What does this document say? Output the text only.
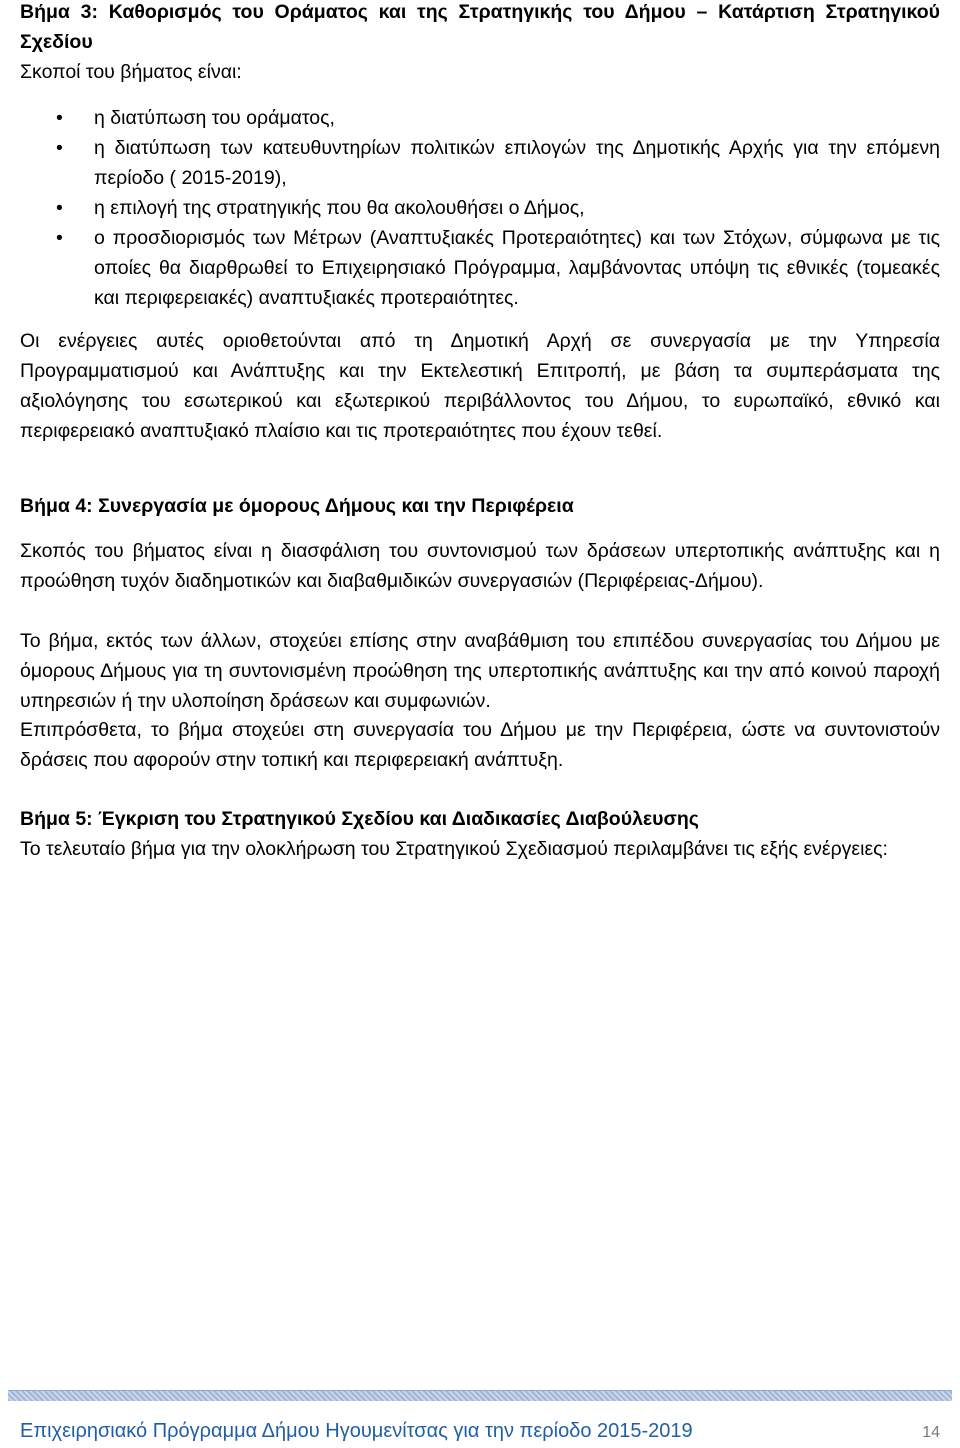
Βήμα 3: Καθορισμός του Οράματος και της Στρατηγικής του Δήμου – Κατάρτιση Στρατηγικού Σχεδίου

Σκοποί του βήματος είναι:

• η διατύπωση του οράματος,
• η διατύπωση των κατευθυντηρίων πολιτικών επιλογών της Δημοτικής Αρχής για την επόμενη περίοδο ( 2015-2019),
• η επιλογή της στρατηγικής που θα ακολουθήσει ο Δήμος,
• ο προσδιορισμός των Μέτρων (Αναπτυξιακές Προτεραιότητες) και των Στόχων, σύμφωνα με τις οποίες θα διαρθρωθεί το Επιχειρησιακό Πρόγραμμα, λαμβάνοντας υπόψη τις εθνικές (τομεακές και περιφερειακές) αναπτυξιακές προτεραιότητες.

Οι ενέργειες αυτές οριοθετούνται από τη Δημοτική Αρχή σε συνεργασία με την Υπηρεσία Προγραμματισμού και Ανάπτυξης και την Εκτελεστική Επιτροπή, με βάση τα συμπεράσματα της αξιολόγησης του εσωτερικού και εξωτερικού περιβάλλοντος του Δήμου, το ευρωπαϊκό, εθνικό και περιφερειακό αναπτυξιακό πλαίσιο και τις προτεραιότητες που έχουν τεθεί.

Βήμα 4: Συνεργασία με όμορους Δήμους και την Περιφέρεια

Σκοπός του βήματος είναι η διασφάλιση του συντονισμού των δράσεων υπερτοπικής ανάπτυξης και η προώθηση τυχόν διαδημοτικών και διαβαθμιδικών συνεργασιών (Περιφέρειας-Δήμου).

Το βήμα, εκτός των άλλων, στοχεύει επίσης στην αναβάθμιση του επιπέδου συνεργασίας του Δήμου με όμορους Δήμους για τη συντονισμένη προώθηση της υπερτοπικής ανάπτυξης και την από κοινού παροχή υπηρεσιών ή την υλοποίηση δράσεων και συμφωνιών.

Επιπρόσθετα, το βήμα στοχεύει στη συνεργασία του Δήμου με την Περιφέρεια, ώστε να συντονιστούν δράσεις που αφορούν στην τοπική και περιφερειακή ανάπτυξη.

Βήμα 5: Έγκριση του Στρατηγικού Σχεδίου και Διαδικασίες Διαβούλευσης

Το τελευταίο βήμα για την ολοκλήρωση του Στρατηγικού Σχεδιασμού περιλαμβάνει τις εξής ενέργειες:

Επιχειρησιακό Πρόγραμμα Δήμου Ηγουμενίτσας για την περίοδο 2015-2019	14
